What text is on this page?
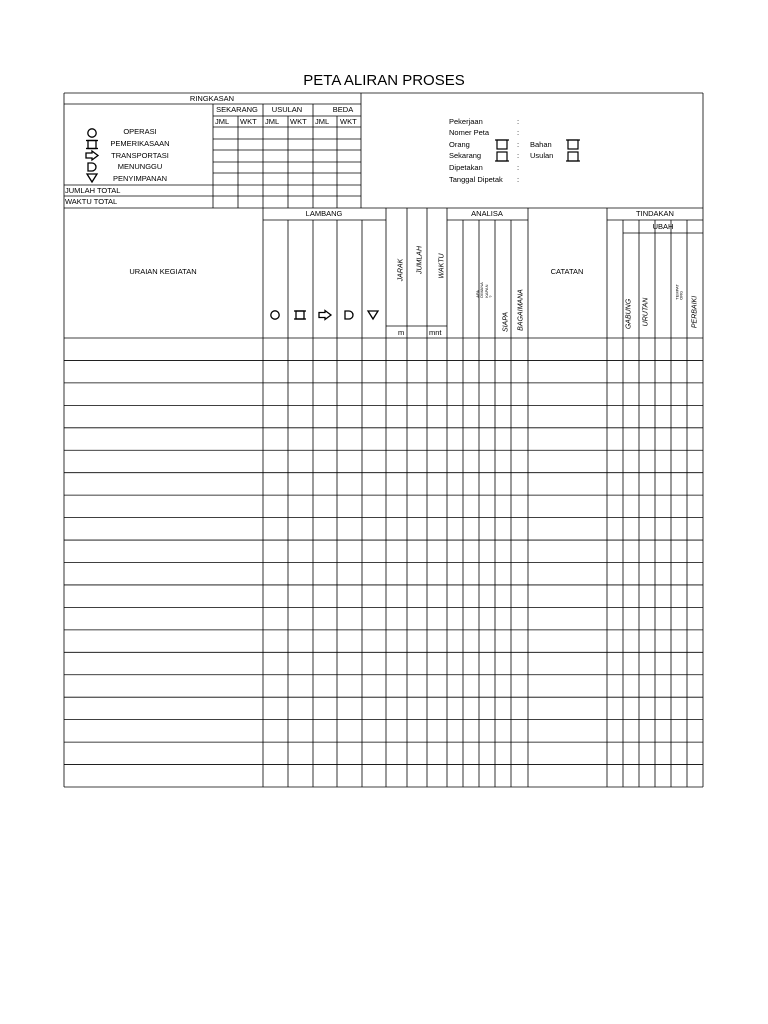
PETA ALIRAN PROSES
RINGKASAN
SEKARANG USULAN	BEDA
JML WKT JML WKT JML WKT
OPERASI
PEMERIKASAAN
TRANSPORTASI
MENUNGGU
PENYIMPANAN
JUMLAH TOTAL
WAKTU TOTAL
Pekerjaan
Nomer Peta
Orang
Sekarang
Dipetakan
Tanggal Dipetak
:
:
:
:
:
:
Bahan
Usulan
URAIAN KEGIATAN
LAMBANG
JARAK JUMLAH WAKTU
m	mnt
ANALISA
APA
DIMANA
KAPAN
?
SIAPA BAGAIMANA
CATATAN
TINDAKAN
UBAH
GABUNG URUTAN
TEMPAT
ORG
PERBAIKI
